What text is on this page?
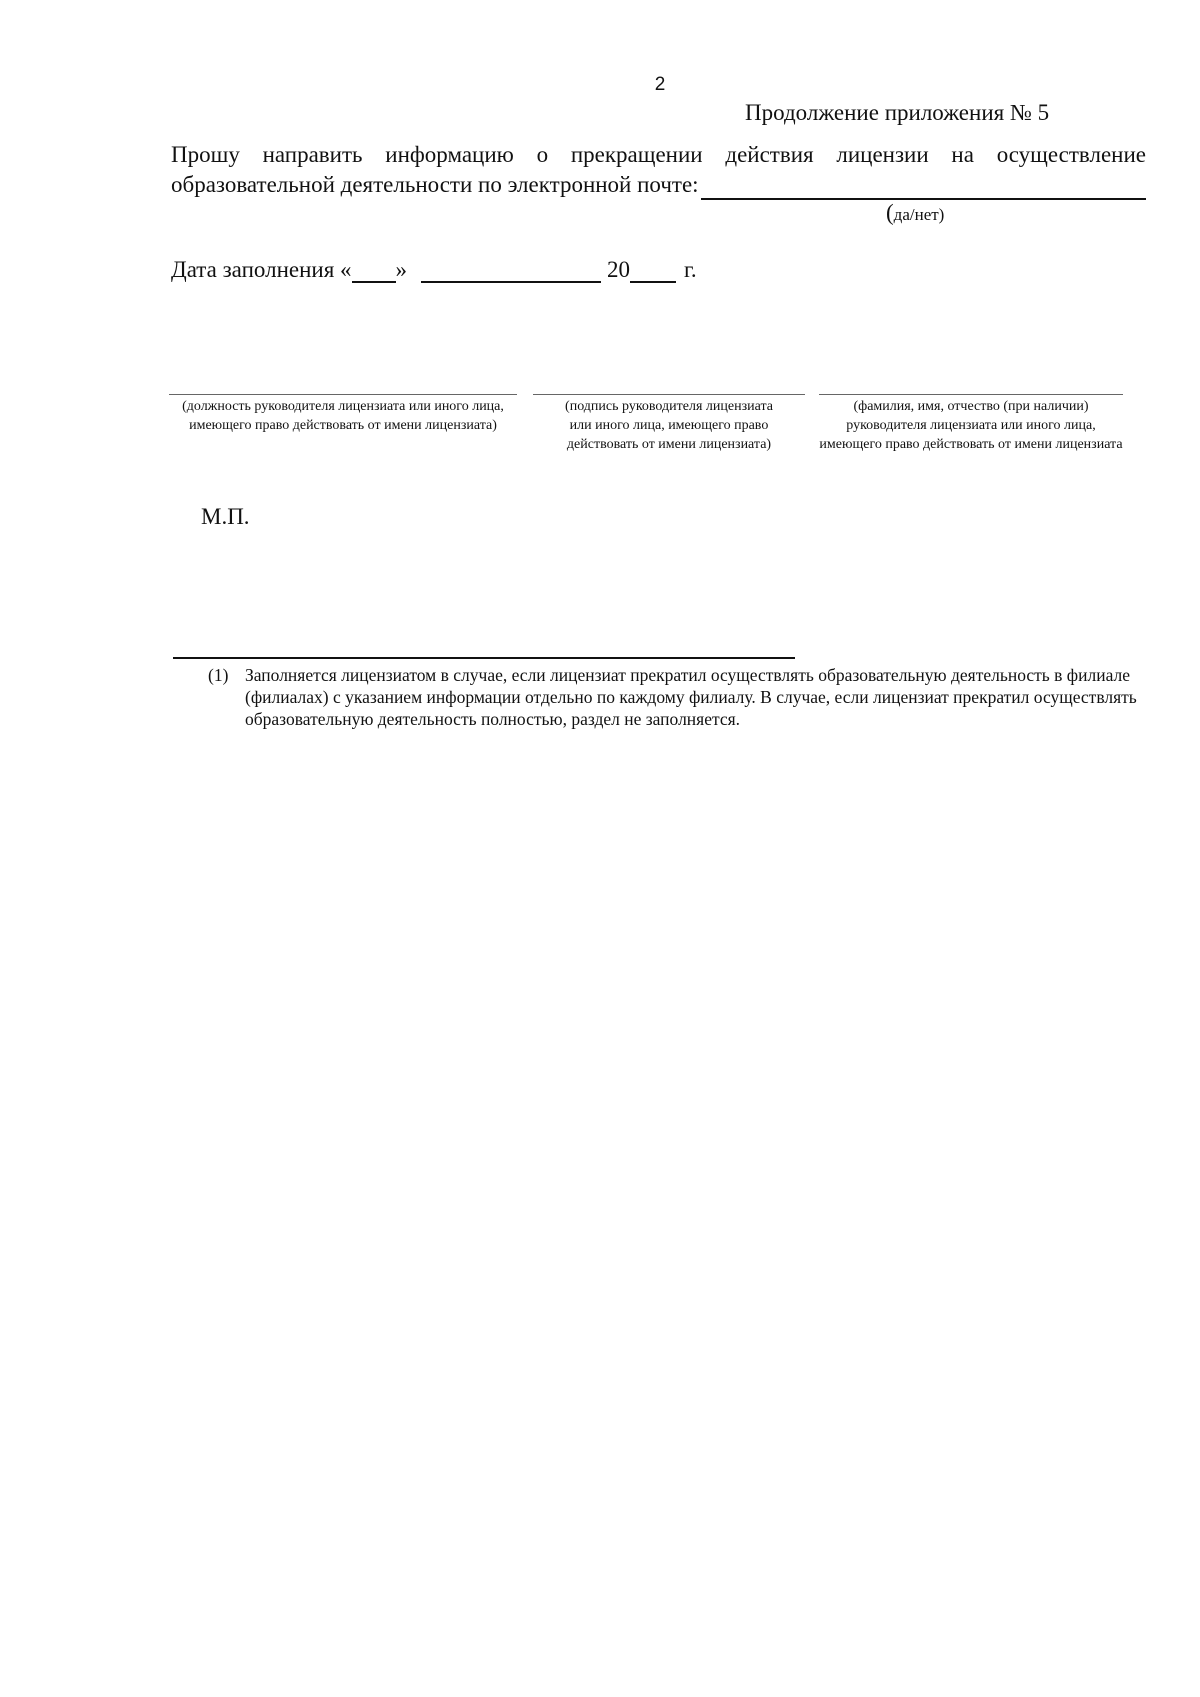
2
Продолжение приложения № 5
Прошу направить информацию о прекращении действия лицензии на осуществление
образовательной деятельности по электронной почте:
(да/нет)
Дата заполнения « »	20 г.
(должность руководителя лицензиата или иного лица, имеющего право действовать от имени лицензиата)
(подпись руководителя лицензиата или иного лица, имеющего право действовать от имени лицензиата)
(фамилия, имя, отчество (при наличии) руководителя лицензиата или иного лица, имеющего право действовать от имени лицензиата
М.П.
(1) Заполняется лицензиатом в случае, если лицензиат прекратил осуществлять образовательную деятельность в филиале (филиалах) с указанием информации отдельно по каждому филиалу. В случае, если лицензиат прекратил осуществлять образовательную деятельность полностью, раздел не заполняется.
